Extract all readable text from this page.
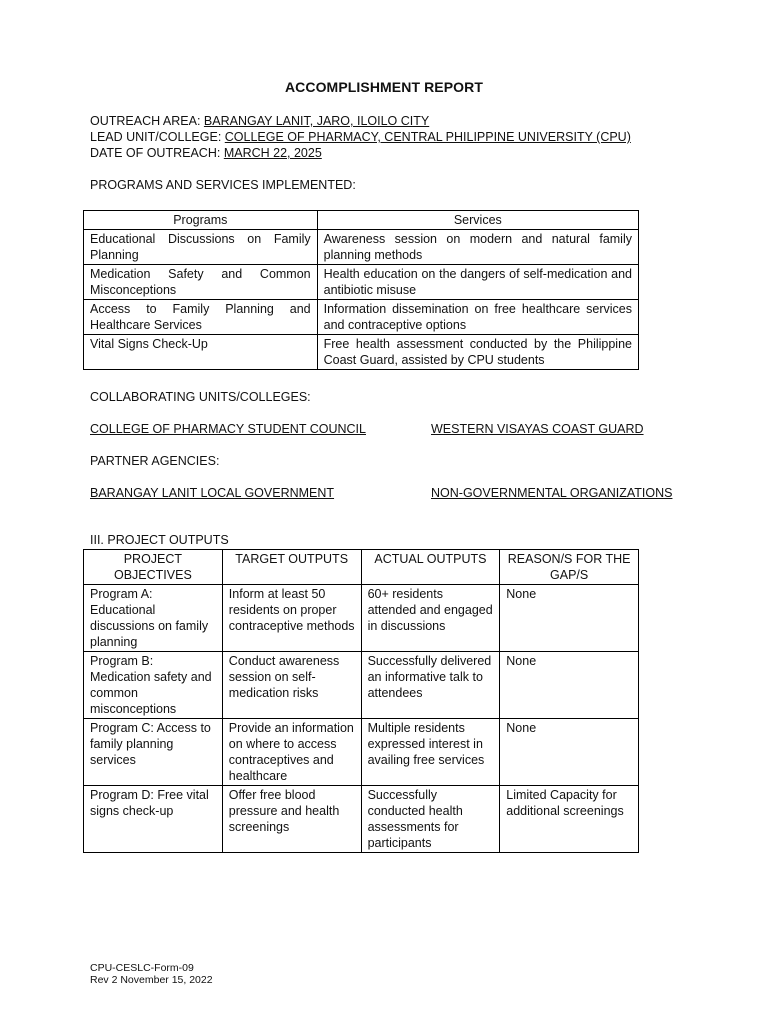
ACCOMPLISHMENT REPORT
OUTREACH AREA: BARANGAY LANIT, JARO, ILOILO CITY
LEAD UNIT/COLLEGE: COLLEGE OF PHARMACY, CENTRAL PHILIPPINE UNIVERSITY (CPU)
DATE OF OUTREACH: MARCH 22, 2025
PROGRAMS AND SERVICES IMPLEMENTED:
Programs	Services
Educational Discussions on Family Planning	Awareness session on modern and natural family planning methods
Medication Safety and Common Misconceptions	Health education on the dangers of self-medication and antibiotic misuse
Access to Family Planning and Healthcare Services	Information dissemination on free healthcare services and contraceptive options
Vital Signs Check-Up	Free health assessment conducted by the Philippine Coast Guard, assisted by CPU students
COLLABORATING UNITS/COLLEGES:
COLLEGE OF PHARMACY STUDENT COUNCIL	WESTERN VISAYAS COAST GUARD
PARTNER AGENCIES:
BARANGAY LANIT LOCAL GOVERNMENT	NON-GOVERNMENTAL ORGANIZATIONS
III. PROJECT OUTPUTS
PROJECT OBJECTIVES	TARGET OUTPUTS	ACTUAL OUTPUTS	REASON/S FOR THE GAP/S
Program A: Educational discussions on family planning	Inform at least 50 residents on proper contraceptive methods	60+ residents attended and engaged in discussions	None
Program B: Medication safety and common misconceptions	Conduct awareness session on self-medication risks	Successfully delivered an informative talk to attendees	None
Program C: Access to family planning services	Provide an information on where to access contraceptives and healthcare	Multiple residents expressed interest in availing free services	None
Program D: Free vital signs check-up	Offer free blood pressure and health screenings	Successfully conducted health assessments for participants	Limited Capacity for additional screenings
CPU-CESLC-Form-09
Rev 2 November 15, 2022
